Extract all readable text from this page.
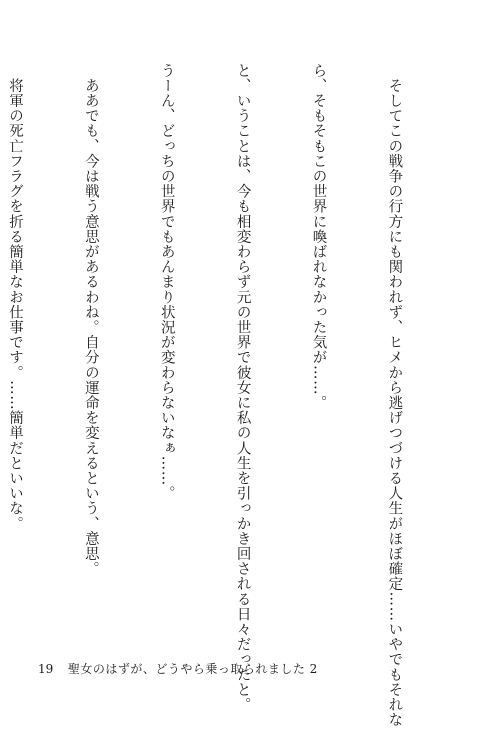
　そしてこの戦争の行方にも関われず、ヒメから逃げつづける人生がほぼ確定……いやでもそれな

ら、そもそもこの世界に喚ばれなかった気が……。

と、いうことは、今も相変わらず元の世界で彼女に私の人生を引っかき回される日々だったと。

うーん、どっちの世界でもあんまり状況が変わらないなぁ……。

　ああでも、今は戦う意思があるわね。自分の運命を変えるという、意思。

　将軍の死亡フラグを折る簡単なお仕事です。……簡単だといいな。

19 聖女のはずが、どうやら乗っ取られました 2
